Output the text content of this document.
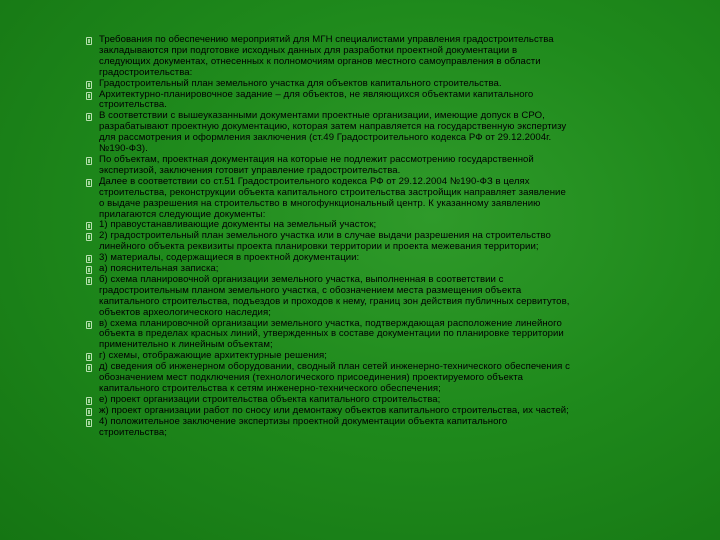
Требования по обеспечению мероприятий для МГН специалистами управления градостроительства
закладываются при подготовке исходных данных для разработки проектной документации в
следующих документах, отнесенных к полномочиям органов местного самоуправления в области
градостроительства:
Градостроительный план земельного участка для объектов капитального строительства.
Архитектурно-планировочное задание – для объектов, не являющихся объектами капитального
строительства.
В соответствии с вышеуказанными документами проектные организации, имеющие допуск в СРО,
разрабатывают проектную документацию, которая затем направляется на государственную экспертизу
для рассмотрения и оформления заключения (ст.49 Градостроительного кодекса РФ от 29.12.2004г.
№190-ФЗ).
По объектам, проектная документация на которые не подлежит рассмотрению государственной
экспертизой, заключения готовит управление градостроительства.
Далее в соответствии со ст.51 Градостроительного кодекса РФ от 29.12.2004 №190-ФЗ в целях
строительства, реконструкции объекта капитального строительства застройщик направляет заявление
о выдаче разрешения на строительство в многофункциональный центр. К указанному заявлению
прилагаются следующие документы:
1) правоустанавливающие документы на земельный участок;
2) градостроительный план земельного участка или в случае выдачи разрешения на строительство
линейного объекта реквизиты проекта планировки территории и проекта межевания территории;
3) материалы, содержащиеся в проектной документации:
а) пояснительная записка;
б) схема планировочной организации земельного участка, выполненная в соответствии с
градостроительным планом земельного участка, с обозначением места размещения объекта
капитального строительства, подъездов и проходов к нему, границ зон действия публичных сервитутов,
объектов археологического наследия;
в) схема планировочной организации земельного участка, подтверждающая расположение линейного
объекта в пределах красных линий, утвержденных в составе документации по планировке территории
применительно к линейным объектам;
г) схемы, отображающие архитектурные решения;
д) сведения об инженерном оборудовании, сводный план сетей инженерно-технического обеспечения с
обозначением мест подключения (технологического присоединения) проектируемого объекта
капитального строительства к сетям инженерно-технического обеспечения;
е) проект организации строительства объекта капитального строительства;
ж) проект организации работ по сносу или демонтажу объектов капитального строительства, их частей;
4) положительное заключение экспертизы проектной документации объекта капитального
строительства;
